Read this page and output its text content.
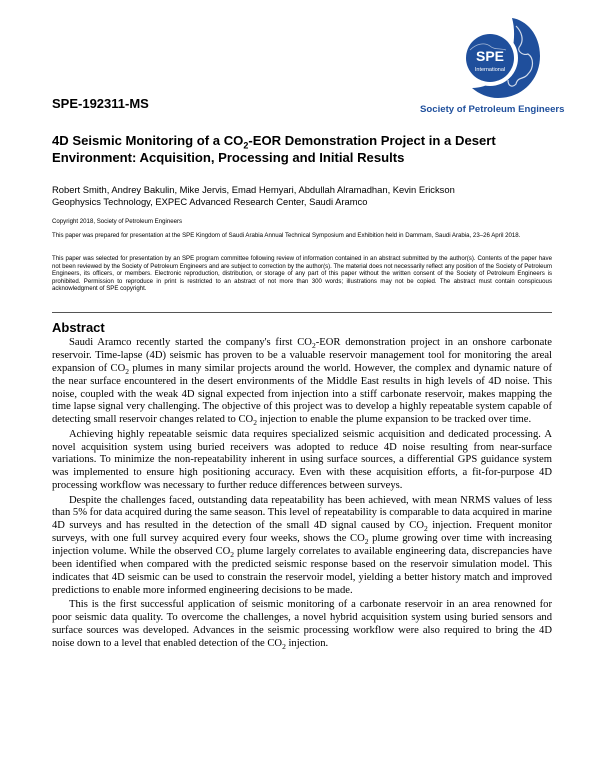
SPE
International
Society of Petroleum Engineers
SPE-192311-MS
4D Seismic Monitoring of a $CO_2$-EOR Demonstration Project in a Desert Environment: Acquisition, Processing and Initial Results
Robert Smith, Andrey Bakulin, Mike Jervis, Emad Hemyari, Abdullah Alramadhan, Kevin Erickson
Geophysics Technology, EXPEC Advanced Research Center, Saudi Aramco
Copyright 2018, Society of Petroleum Engineers
This paper was prepared for presentation at the SPE Kingdom of Saudi Arabia Annual Technical Symposium and Exhibition held in Dammam, Saudi Arabia, 23–26 April 2018.
This paper was selected for presentation by an SPE program committee following review of information contained in an abstract submitted by the author(s). Contents of the paper have not been reviewed by the Society of Petroleum Engineers and are subject to correction by the author(s). The material does not necessarily reflect any position of the Society of Petroleum Engineers, its officers, or members. Electronic reproduction, distribution, or storage of any part of this paper without the written consent of the Society of Petroleum Engineers is prohibited. Permission to reproduce in print is restricted to an abstract of not more than 300 words; illustrations may not be copied. The abstract must contain conspicuous acknowledgment of SPE copyright.
Abstract

Saudi Aramco recently started the company's first $CO_2$-EOR demonstration project in an onshore carbonate reservoir. Time-lapse (4D) seismic has proven to be a valuable reservoir management tool for monitoring the areal expansion of $CO_2$ plumes in many similar projects around the world. However, the complex and dynamic nature of the near surface encountered in the desert environments of the Middle East results in high levels of 4D noise. This noise, coupled with the weak 4D signal expected from injection into a stiff carbonate reservoir, makes mapping the time lapse signal very challenging. The objective of this project was to develop a highly repeatable system capable of detecting small reservoir changes related to $CO_2$ injection to enable the plume expansion to be tracked over time.

Achieving highly repeatable seismic data requires specialized seismic acquisition and dedicated processing. A novel acquisition system using buried receivers was adopted to reduce 4D noise resulting from near-surface variations. To minimize the non-repeatability inherent in using surface sources, a differential GPS guidance system was implemented to ensure high positioning accuracy. Even with these acquisition efforts, a fit-for-purpose 4D processing workflow was necessary to further reduce differences between surveys.

Despite the challenges faced, outstanding data repeatability has been achieved, with mean NRMS values of less than 5% for data acquired during the same season. This level of repeatability is comparable to data acquired in marine 4D surveys and has resulted in the detection of the small 4D signal caused by $CO_2$ injection. Frequent monitor surveys, with one full survey acquired every four weeks, shows the $CO_2$ plume growing over time with increasing injection volume. While the observed $CO_2$ plume largely correlates to available engineering data, discrepancies have been identified when compared with the predicted seismic response based on the reservoir simulation model. This indicates that 4D seismic can be used to constrain the reservoir model, yielding a better history match and improved predictions to enable more informed engineering decisions to be made.

This is the first successful application of seismic monitoring of a carbonate reservoir in an area renowned for poor seismic data quality. To overcome the challenges, a novel hybrid acquisition system using buried sensors and surface sources was developed. Advances in the seismic processing workflow were also required to bring the 4D noise down to a level that enabled detection of the $CO_2$ injection.
